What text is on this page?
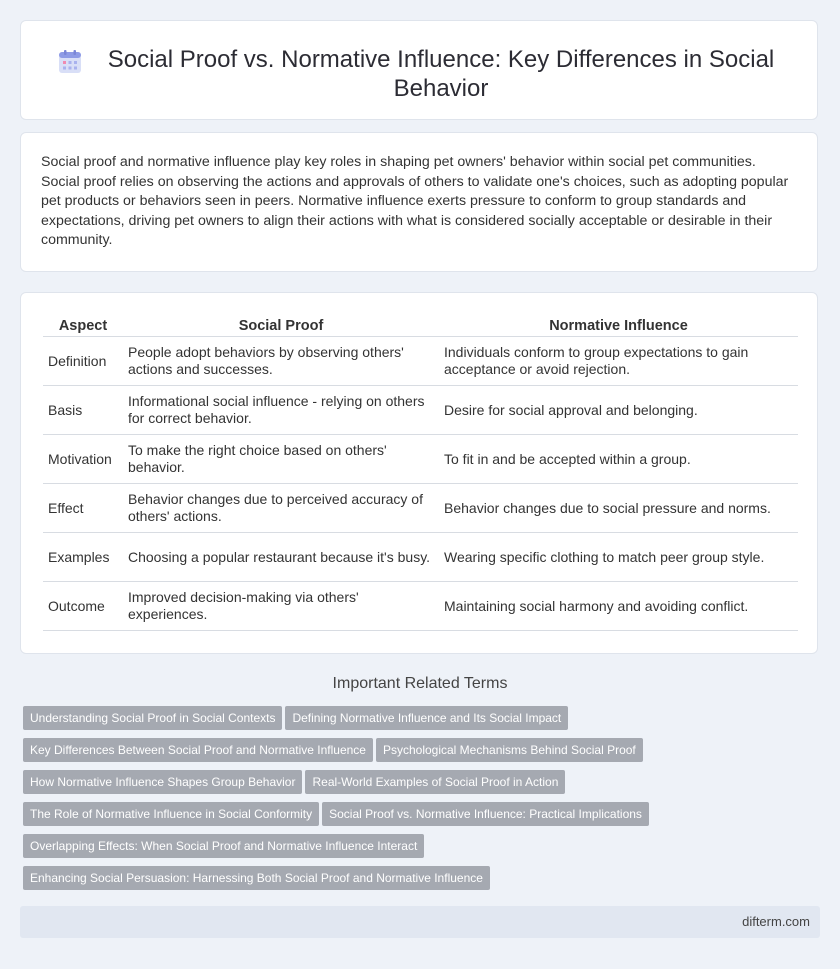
Social Proof vs. Normative Influence: Key Differences in Social Behavior

Social proof and normative influence play key roles in shaping pet owners' behavior within social pet communities. Social proof relies on observing the actions and approvals of others to validate one's choices, such as adopting popular pet products or behaviors seen in peers. Normative influence exerts pressure to conform to group standards and expectations, driving pet owners to align their actions with what is considered socially acceptable or desirable in their community.

Aspect	Social Proof	Normative Influence
Definition	People adopt behaviors by observing others' actions and successes.	Individuals conform to group expectations to gain acceptance or avoid rejection.
Basis	Informational social influence - relying on others for correct behavior.	Desire for social approval and belonging.
Motivation	To make the right choice based on others' behavior.	To fit in and be accepted within a group.
Effect	Behavior changes due to perceived accuracy of others' actions.	Behavior changes due to social pressure and norms.
Examples	Choosing a popular restaurant because it's busy.	Wearing specific clothing to match peer group style.
Outcome	Improved decision-making via others' experiences.	Maintaining social harmony and avoiding conflict.
Important Related Terms
Understanding Social Proof in Social Contexts Defining Normative Influence and Its Social Impact
Key Differences Between Social Proof and Normative Influence Psychological Mechanisms Behind Social Proof
How Normative Influence Shapes Group Behavior Real-World Examples of Social Proof in Action
The Role of Normative Influence in Social Conformity Social Proof vs. Normative Influence: Practical Implications
Overlapping Effects: When Social Proof and Normative Influence Interact
Enhancing Social Persuasion: Harnessing Both Social Proof and Normative Influence
difterm.com
